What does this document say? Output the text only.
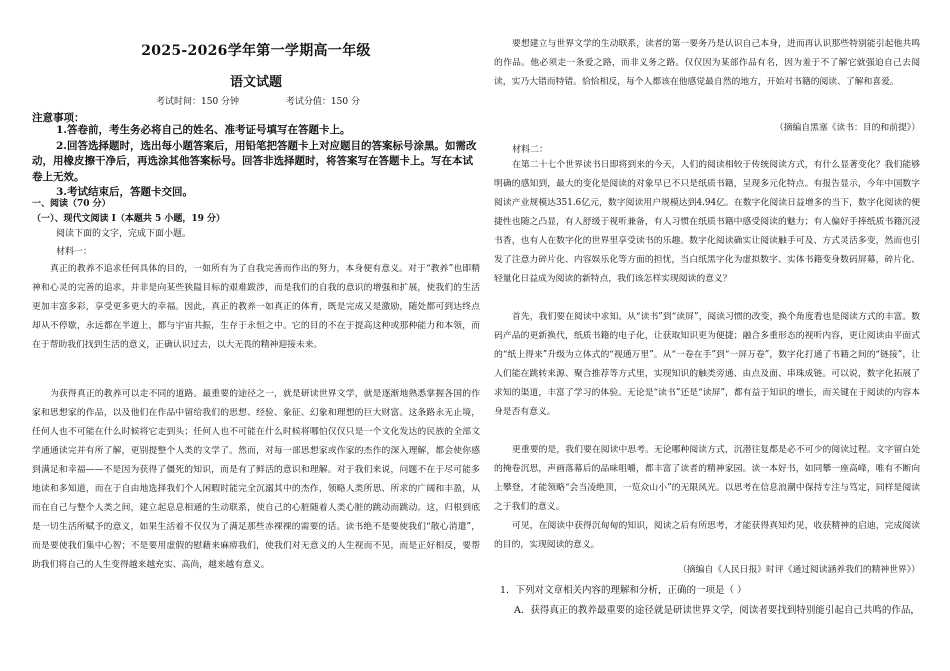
2025-2026学年第一学期高一年级
语文试题
考试时间：150 分钟	考试分值：150 分
注意事项：
1.答卷前，考生务必将自己的姓名、准考证号填写在答题卡上。
2.回答选择题时，选出每小题答案后，用铅笔把答题卡上对应题目的答案标号涂黑。如需改动，用橡皮擦干净后，再选涂其他答案标号。回答非选择题时，将答案写在答题卡上。写在本试卷上无效。
3.考试结束后，答题卡交回。
一、阅读（70 分）
（一）、现代文阅读 I（本题共 5 小题，19 分）
阅读下面的文字，完成下面小题。
材料一：

真正的教养不追求任何具体的目的，一如所有为了自我完善而作出的努力，本身便有意义。对于“教养”也即精神和心灵的完善的追求，并非是向某些狭隘目标的艰难跋涉，而是我们的自我的意识的增强和扩展，使我们的生活更加丰富多彩，享受更多更大的幸福。因此，真正的教养一如真正的体育，既是完成又是激励，随处都可到达终点却从不停歇，永远都在半道上，都与宇宙共振，生存于永恒之中。它的目的不在于提高这种或那种能力和本领，而在于帮助我们找到生活的意义，正确认识过去，以大无畏的精神迎接未来。

为获得真正的教养可以走不同的道路。最重要的途径之一，就是研读世界文学，就是逐渐地熟悉掌握各国的作家和思想家的作品，以及他们在作品中留给我们的思想、经验、象征、幻象和理想的巨大财富。这条路永无止境，任何人也不可能在什么时候将它走到头；任何人也不可能在什么时候将哪怕仅仅只是一个文化发达的民族的全部文学通通读完并有所了解，更别提整个人类的文学了。然而，对每一部思想家或作家的杰作的深入理解，都会使你感到满足和幸福——不是因为获得了僵死的知识，而是有了鲜活的意识和理解。对于我们来说，问题不在于尽可能多地读和多知道，而在于自由地选择我们个人闲暇时能完全沉溺其中的杰作，领略人类所思、所求的广阔和丰盈，从而在自己与整个人类之间，建立起息息相通的生动联系，使自己的心脏随着人类心脏的跳动而跳动。这，归根到底是一切生活所赋予的意义，如果生活着不仅仅为了满足那些赤裸裸的需要的话。读书绝不是要使我们“散心消遣”，而是要使我们集中心智；不是要用虚假的慰藉来麻痹我们，使我们对无意义的人生视而不见，而是正好相反，要帮助我们将自己的人生变得越来越充实、高尚，越来越有意义。

要想建立与世界文学的生动联系，读者的第一要务乃是认识自己本身，进而再认识那些特别能引起他共鸣的作品。他必须走一条爱之路，而非义务之路。仅仅因为某部作品有名，因为羞于不了解它就强迫自己去阅读，实乃大错而特错。恰恰相反，每个人都该在他感觉最自然的地方，开始对书籍的阅读、了解和喜爱。

（摘编自黑塞《读书：目的和前提》）
材料二：

在第二十七个世界读书日即将到来的今天，人们的阅读相较于传统阅读方式，有什么显著变化？我们能够明确的感知到，最大的变化是阅读的对象早已不只是纸质书籍，呈现多元化特点。有报告显示，今年中国数字阅读产业规模达351.6亿元，数字阅读用户规模达到4.94亿。在数字化阅读日益增多的当下，数字化阅读的便捷性也随之凸显，有人舒缓于视听兼备，有人习惯在纸质书籍中感受阅读的魅力；有人偏好手捧纸质书籍沉浸书香，也有人在数字化的世界里享受读书的乐趣。数字化阅读确实让阅读触手可及、方式灵活多变，然而也引发了注意力碎片化、内容娱乐化等方面的担忧，当白纸黑字化为虚拟数字、实体书籍变身数码屏幕，碎片化、轻量化日益成为阅读的新特点，我们该怎样实现阅读的意义？

首先，我们要在阅读中求知。从“读书”到“读屏”，阅读习惯的改变，换个角度看也是阅读方式的丰富。数码产品的更新换代，纸质书籍的电子化，让获取知识更为便捷；融合多重形态的视听内容，更让阅读由平面式的“纸上得来”升级为立体式的“视通万里”。从“一卷在手”到“一屏万卷”，数字化打通了书籍之间的“链接”，让人们能在跳转来源、聚合推荐等方式里，实现知识的触类旁通、由点及面、串珠成链。可以说，数字化拓展了求知的渠道，丰富了学习的体验。无论是“读书”还是“读屏”，都有益于知识的增长，而关键在于阅读的内容本身是否有意义。

更重要的是，我们要在阅读中思考。无论哪种阅读方式，沉潜往复都是必不可少的阅读过程。文字留白处的掩卷沉思，声画落幕后的品味咀嚼，都丰富了读者的精神家园。读一本好书，如同攀一座高峰，唯有不断向上攀登，才能领略“会当凌绝顶，一览众山小”的无限风光。以思考在信息浪潮中保持专注与笃定，同样是阅读之于我们的意义。

可见，在阅读中获得沉甸甸的知识，阅读之后有所思考，才能获得真知灼见，收获精神的启迪，完成阅读的目的，实现阅读的意义。

（摘编自《人民日报》时评《通过阅读涵养我们的精神世界》）
1．下列对文章相关内容的理解和分析，正确的一项是（ ）
A．获得真正的教养最重要的途径就是研读世界文学，阅读者要找到特别能引起自己共鸣的作品，
